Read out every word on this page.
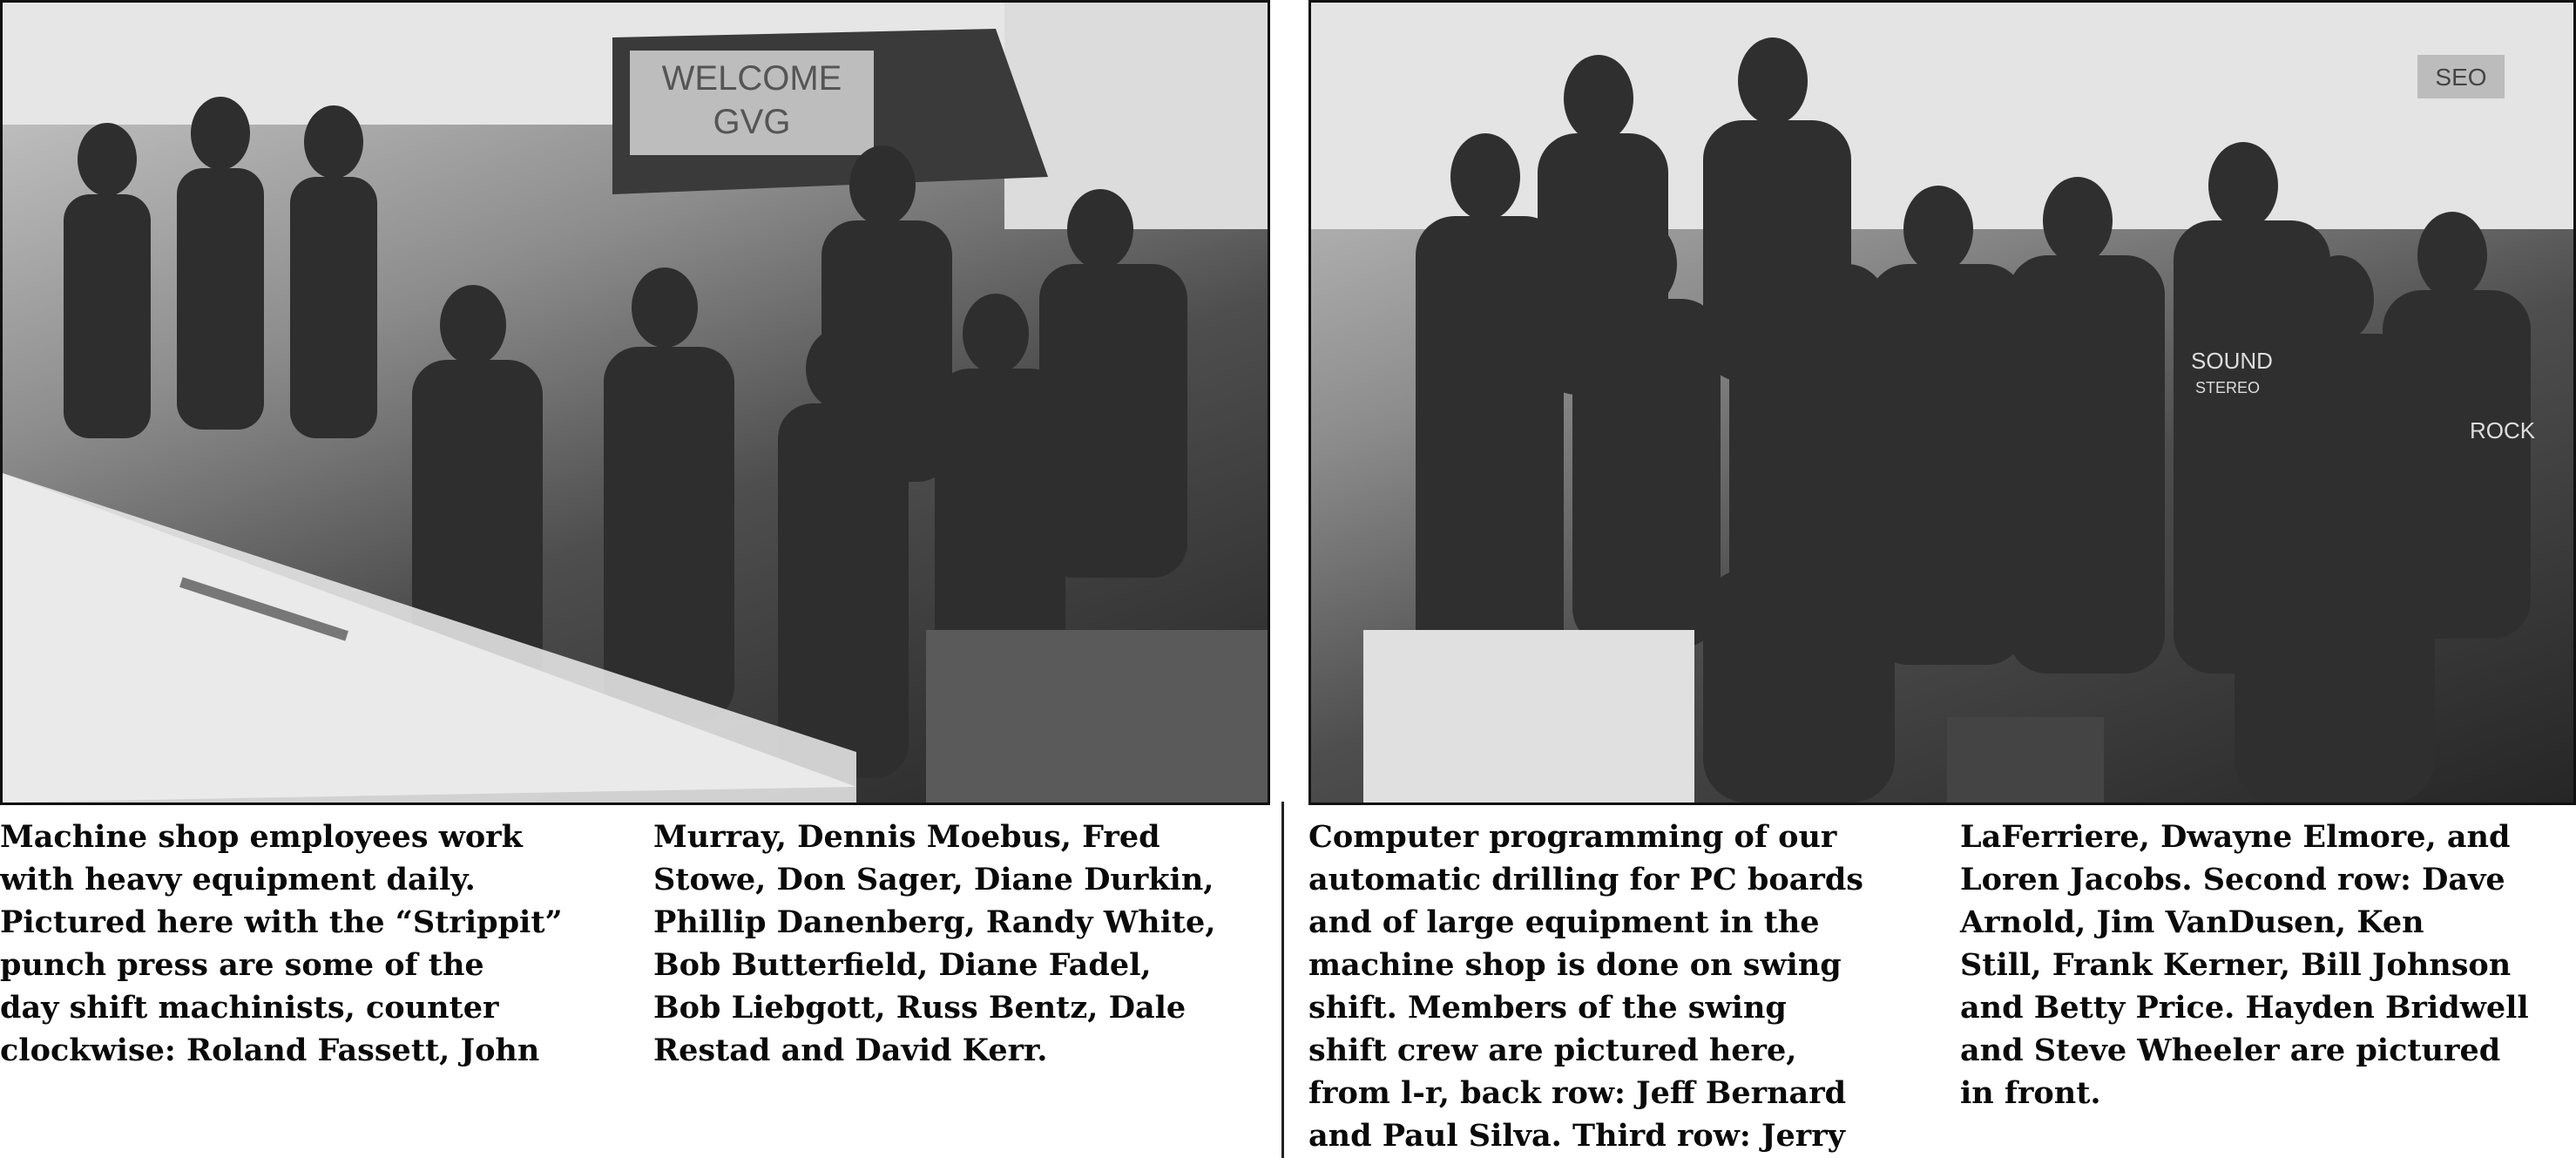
WELCOME
GVG
SEO
SOUND
STEREO
ROCK

Machine shop employees work
with heavy equipment daily.
Pictured here with the “Strippit”
punch press are some of the
day shift machinists, counter
clockwise: Roland Fassett, John

Murray, Dennis Moebus, Fred
Stowe, Don Sager, Diane Durkin,
Phillip Danenberg, Randy White,
Bob Butterfield, Diane Fadel,
Bob Liebgott, Russ Bentz, Dale
Restad and David Kerr.

Computer programming of our
automatic drilling for PC boards
and of large equipment in the
machine shop is done on swing
shift. Members of the swing
shift crew are pictured here,
from l-r, back row: Jeff Bernard
and Paul Silva. Third row: Jerry

LaFerriere, Dwayne Elmore, and
Loren Jacobs. Second row: Dave
Arnold, Jim VanDusen, Ken
Still, Frank Kerner, Bill Johnson
and Betty Price. Hayden Bridwell
and Steve Wheeler are pictured
in front.
